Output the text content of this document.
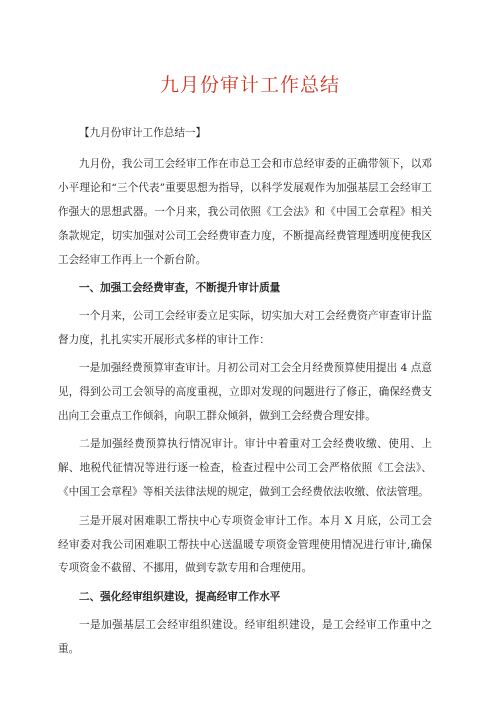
九月份审计工作总结

【九月份审计工作总结一】

九月份，我公司工会经审工作在市总工会和市总经审委的正确带领下，以邓小平理论和“三个代表”重要思想为指导，以科学发展观作为加强基层工会经审工作强大的思想武器。一个月来，我公司依照《工会法》和《中国工会章程》相关条款规定，切实加强对公司工会经费审查力度，不断提高经费管理透明度使我区工会经审工作再上一个新台阶。

一、加强工会经费审查，不断提升审计质量

一个月来，公司工会经审委立足实际，切实加大对工会经费资产审查审计监督力度，扎扎实实开展形式多样的审计工作：

一是加强经费预算审查审计。月初公司对工会全月经费预算使用提出 4 点意见，得到公司工会领导的高度重视，立即对发现的问题进行了修正，确保经费支出向工会重点工作倾斜，向职工群众倾斜，做到工会经费合理安排。

二是加强经费预算执行情况审计。审计中着重对工会经费收缴、使用、上解、地税代征情况等进行逐一检查，检查过程中公司工会严格依照《工会法》、《中国工会章程》等相关法律法规的规定，做到工会经费依法收缴、依法管理。

三是开展对困难职工帮扶中心专项资金审计工作。本月 X 月底，公司工会经审委对我公司困难职工帮扶中心送温暖专项资金管理使用情况进行审计,确保专项资金不截留、不挪用，做到专款专用和合理使用。

二、强化经审组织建设，提高经审工作水平

一是加强基层工会经审组织建设。经审组织建设，是工会经审工作重中之重。
